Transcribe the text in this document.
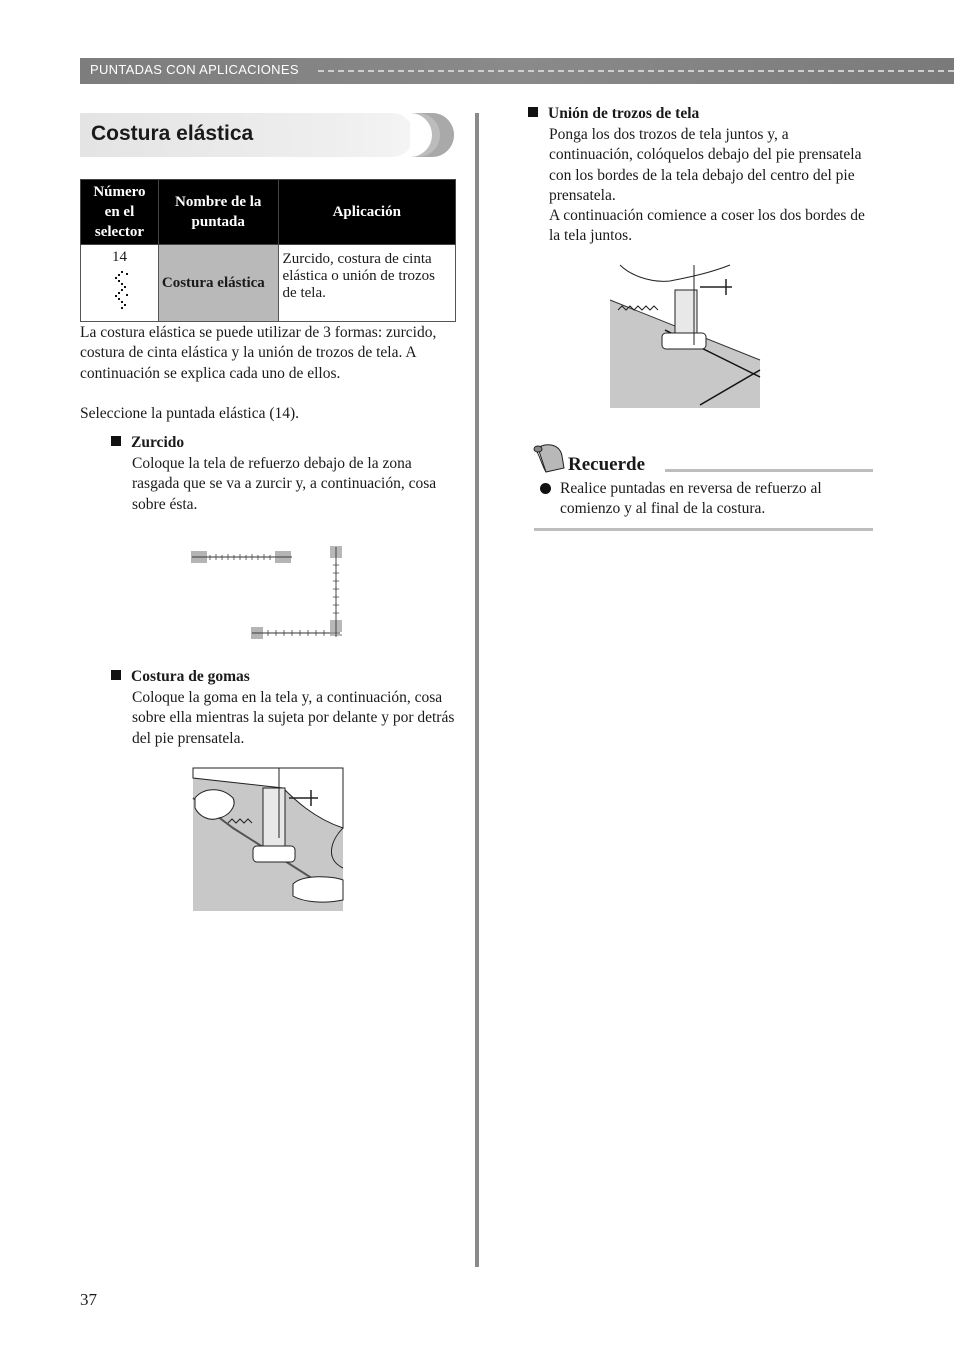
PUNTADAS CON APLICACIONES
Costura elástica
Número en el selector	Nombre de la puntada	Aplicación

14	Costura elástica	Zurcido, costura de cinta elástica o unión de trozos de tela.
La costura elástica se puede utilizar de 3 formas: zurcido, costura de cinta elástica y la unión de trozos de tela. A continuación se explica cada uno de ellos.
Seleccione la puntada elástica (14).
Zurcido
Coloque la tela de refuerzo debajo de la zona rasgada que se va a zurcir y, a continuación, cosa sobre ésta.
Costura de gomas
Coloque la goma en la tela y, a continuación, cosa sobre ella mientras la sujeta por delante y por detrás del pie prensatela.
Unión de trozos de tela
Ponga los dos trozos de tela juntos y, a continuación, colóquelos debajo del pie prensatela con los bordes de la tela debajo del centro del pie prensatela.
A continuación comience a coser los dos bordes de la tela juntos.
Recuerde
Realice puntadas en reversa de refuerzo al comienzo y al final de la costura.
37
